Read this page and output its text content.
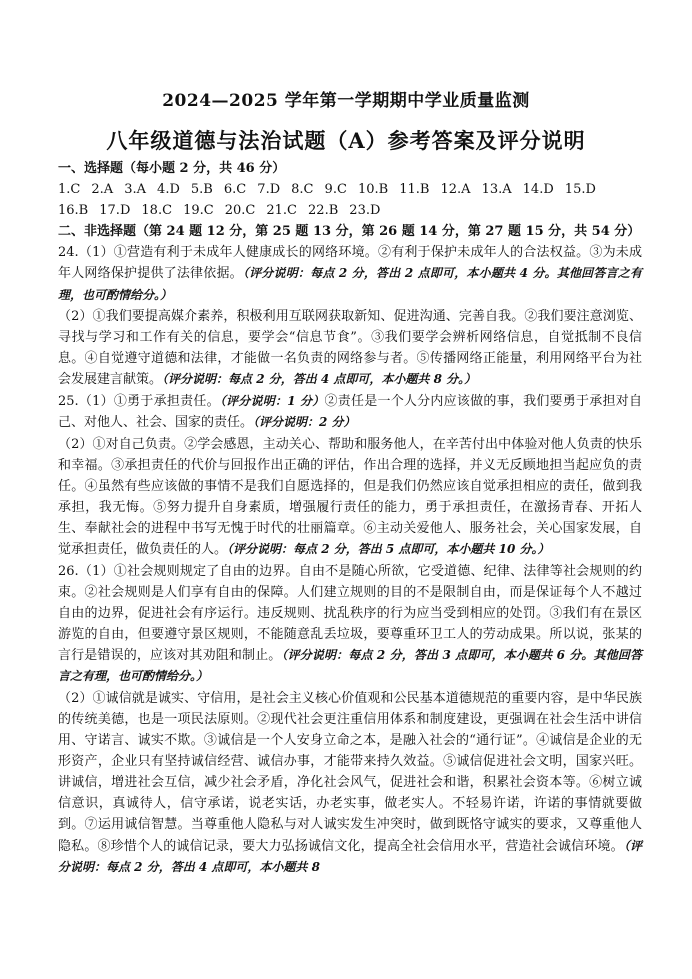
2024—2025 学年第一学期期中学业质量监测
八年级道德与法治试题（A）参考答案及评分说明
一、选择题（每小题 2 分，共 46 分）
1.C 2.A 3.A 4.D 5.B 6.C 7.D 8.C 9.C 10.B 11.B 12.A 13.A 14.D 15.D
16.B 17.D 18.C 19.C 20.C 21.C 22.B 23.D
二、非选择题（第 24 题 12 分，第 25 题 13 分，第 26 题 14 分，第 27 题 15 分，共 54 分）

24.（1）①营造有利于未成年人健康成长的网络环境。②有利于保护未成年人的合法权益。③为未成年人网络保护提供了法律依据。（评分说明：每点 2 分，答出 2 点即可，本小题共 4 分。其他回答言之有理，也可酌情给分。）

（2）①我们要提高媒介素养，积极利用互联网获取新知、促进沟通、完善自我。②我们要注意浏览、寻找与学习和工作有关的信息，要学会“信息节食”。③我们要学会辨析网络信息，自觉抵制不良信息。④自觉遵守道德和法律，才能做一名负责的网络参与者。⑤传播网络正能量，利用网络平台为社会发展建言献策。（评分说明：每点 2 分，答出 4 点即可，本小题共 8 分。）

25.（1）①勇于承担责任。（评分说明：1 分）②责任是一个人分内应该做的事，我们要勇于承担对自己、对他人、社会、国家的责任。（评分说明：2 分）

（2）①对自己负责。②学会感恩，主动关心、帮助和服务他人，在辛苦付出中体验对他人负责的快乐和幸福。③承担责任的代价与回报作出正确的评估，作出合理的选择，并义无反顾地担当起应负的责任。④虽然有些应该做的事情不是我们自愿选择的，但是我们仍然应该自觉承担相应的责任，做到我承担，我无悔。⑤努力提升自身素质，增强履行责任的能力，勇于承担责任，在激扬青春、开拓人生、奉献社会的进程中书写无愧于时代的壮丽篇章。⑥主动关爱他人、服务社会，关心国家发展，自觉承担责任，做负责任的人。（评分说明：每点 2 分，答出 5 点即可，本小题共 10 分。）

26.（1）①社会规则规定了自由的边界。自由不是随心所欲，它受道德、纪律、法律等社会规则的约束。②社会规则是人们享有自由的保障。人们建立规则的目的不是限制自由，而是保证每个人不越过自由的边界，促进社会有序运行。违反规则、扰乱秩序的行为应当受到相应的处罚。③我们有在景区游览的自由，但要遵守景区规则，不能随意乱丢垃圾，要尊重环卫工人的劳动成果。所以说，张某的言行是错误的，应该对其劝阻和制止。（评分说明：每点 2 分，答出 3 点即可，本小题共 6 分。其他回答言之有理，也可酌情给分。）

（2）①诚信就是诚实、守信用，是社会主义核心价值观和公民基本道德规范的重要内容，是中华民族的传统美德，也是一项民法原则。②现代社会更注重信用体系和制度建设，更强调在社会生活中讲信用、守诺言、诚实不欺。③诚信是一个人安身立命之本，是融入社会的“通行证”。④诚信是企业的无形资产，企业只有坚持诚信经营、诚信办事，才能带来持久效益。⑤诚信促进社会文明，国家兴旺。讲诚信，增进社会互信，减少社会矛盾，净化社会风气，促进社会和谐，积累社会资本等。⑥树立诚信意识，真诚待人，信守承诺，说老实话，办老实事，做老实人。不轻易许诺，许诺的事情就要做到。⑦运用诚信智慧。当尊重他人隐私与对人诚实发生冲突时，做到既恪守诚实的要求，又尊重他人隐私。⑧珍惜个人的诚信记录，要大力弘扬诚信文化，提高全社会信用水平，营造社会诚信环境。（评分说明：每点 2 分，答出 4 点即可，本小题共 8
